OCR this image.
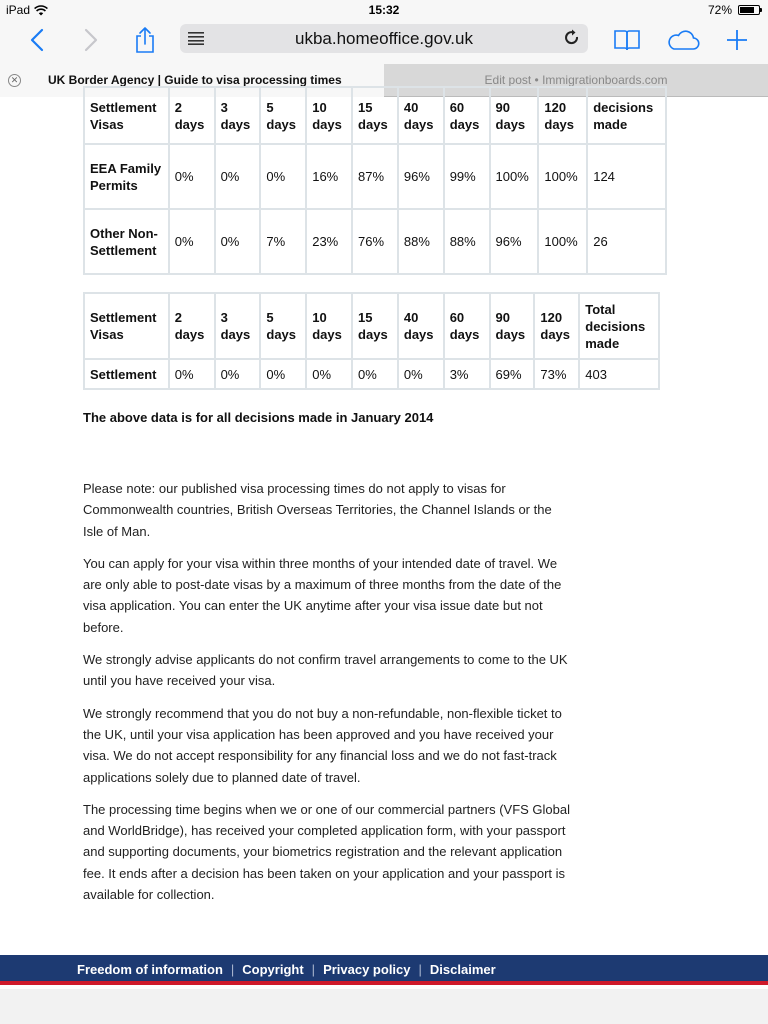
iPad	15:32	72%
ukba.homeoffice.gov.uk
✕ UK Border Agency | Guide to visa processing times	Edit post • Immigrationboards.com
Settlement Visas	2 days	3 days	5 days	10 days	15 days	40 days	60 days	90 days	120 days	decisions made
EEA Family Permits	0%	0%	0%	16%	87%	96%	99%	100%	100%	124
Other Non-Settlement	0%	0%	7%	23%	76%	88%	88%	96%	100%	26
Settlement Visas	2 days	3 days	5 days	10 days	15 days	40 days	60 days	90 days	120 days	Total decisions made
Settlement	0%	0%	0%	0%	0%	0%	3%	69%	73%	403
The above data is for all decisions made in January 2014

Please note: our published visa processing times do not apply to visas for Commonwealth countries, British Overseas Territories, the Channel Islands or the Isle of Man.

You can apply for your visa within three months of your intended date of travel. We are only able to post-date visas by a maximum of three months from the date of the visa application. You can enter the UK anytime after your visa issue date but not before.

We strongly advise applicants do not confirm travel arrangements to come to the UK until you have received your visa.

We strongly recommend that you do not buy a non-refundable, non-flexible ticket to the UK, until your visa application has been approved and you have received your visa. We do not accept responsibility for any financial loss and we do not fast-track applications solely due to planned date of travel.

The processing time begins when we or one of our commercial partners (VFS Global and WorldBridge), has received your completed application form, with your passport and supporting documents, your biometrics registration and the relevant application fee. It ends after a decision has been taken on your application and your passport is available for collection.

Freedom of information | Copyright | Privacy policy | Disclaimer
